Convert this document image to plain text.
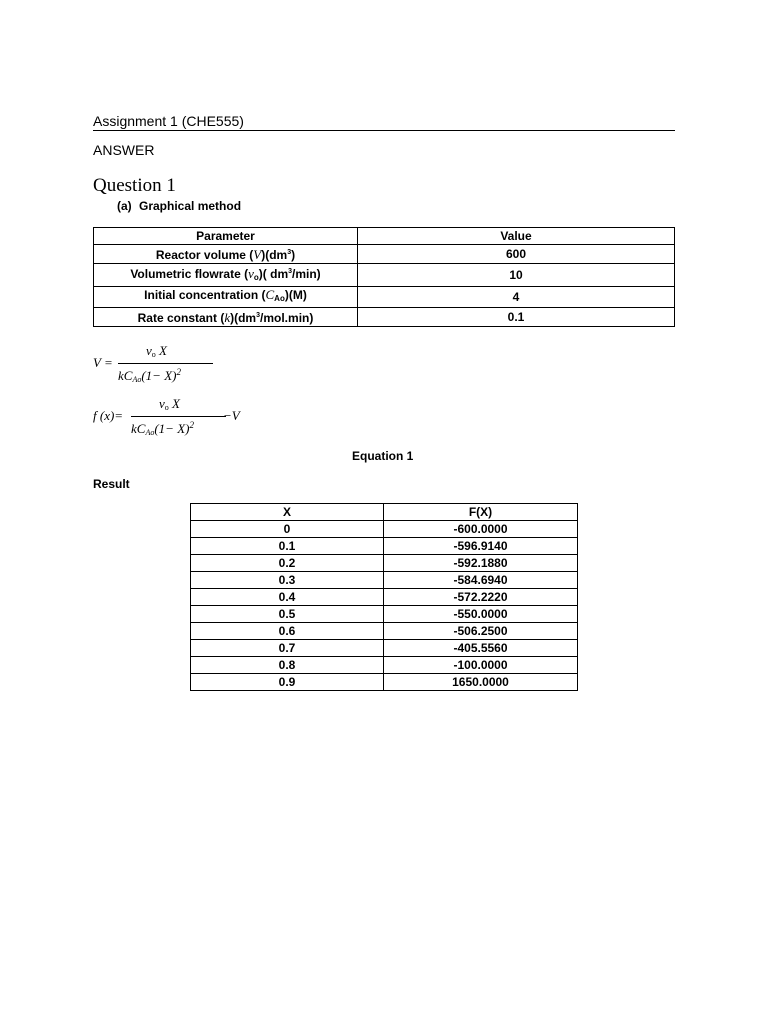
Assignment 1 (CHE555)
ANSWER
Question 1
(a) Graphical method
Parameter	Value
Reactor volume $(V)(dm^3)$	600
Volumetric flowrate $(v_o)$( $dm^3/\min$)	10
Initial concentration $(C_{Ao})(M)$	4
Rate constant $(k)(dm^3/mol.\min)$	0.1
V =
$v_o$ X
$kC_{Ao}(1- X)^2$
f (x)=
$v_o$ X
$kC_{Ao}(1- X)^2$
−V
Equation 1
Result
X	F(X)
0	-600.0000
0.1	-596.9140
0.2	-592.1880
0.3	-584.6940
0.4	-572.2220
0.5	-550.0000
0.6	-506.2500
0.7	-405.5560
0.8	-100.0000
0.9	1650.0000
